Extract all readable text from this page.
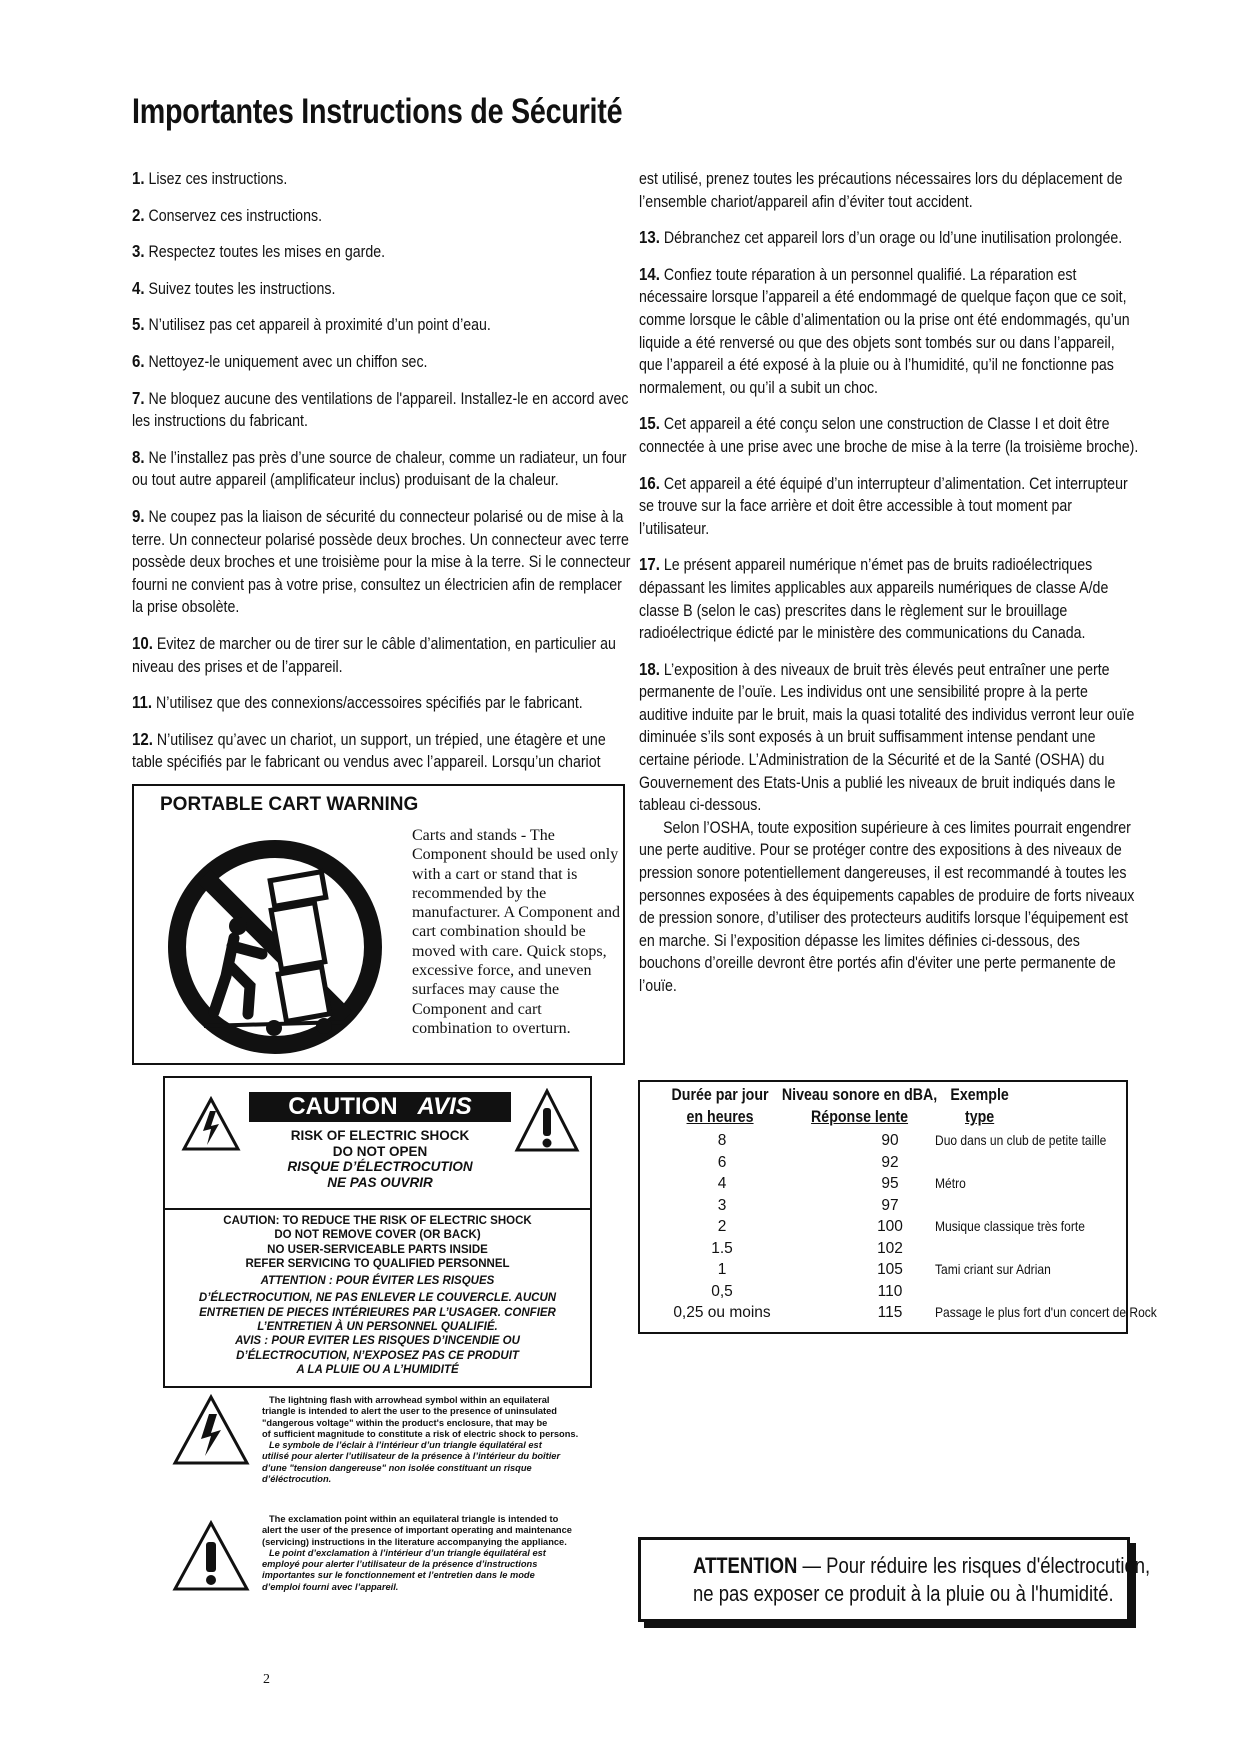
Importantes Instructions de Sécurité

1. Lisez ces instructions.

2. Conservez ces instructions.

3. Respectez toutes les mises en garde.

4. Suivez toutes les instructions.

5. N’utilisez pas cet appareil à proximité d’un point d’eau.

6. Nettoyez-le uniquement avec un chiffon sec.

7. Ne bloquez aucune des ventilations de l'appareil. Installez-le en accord avec les instructions du fabricant.

8. Ne l’installez pas près d’une source de chaleur, comme un radiateur, un four ou tout autre appareil (amplificateur inclus) produisant de la chaleur.

9. Ne coupez pas la liaison de sécurité du connecteur polarisé ou de mise à la terre. Un connecteur polarisé possède deux broches. Un connecteur avec terre possède deux broches et une troisième pour la mise à la terre. Si le connecteur fourni ne convient pas à votre prise, consultez un électricien afin de remplacer la prise obsolète.

10. Evitez de marcher ou de tirer sur le câble d’alimentation, en particulier au niveau des prises et de l’appareil.

11. N’utilisez que des connexions/accessoires spécifiés par le fabricant.

12. N’utilisez qu’avec un chariot, un support, un trépied, une étagère et une table spécifiés par le fabricant ou vendus avec l’appareil. Lorsqu’un chariot

est utilisé, prenez toutes les précautions nécessaires lors du déplacement de l’ensemble chariot/appareil afin d’éviter tout accident.

13. Débranchez cet appareil lors d’un orage ou ld’une inutilisation prolongée.

14. Confiez toute réparation à un personnel qualifié. La réparation est nécessaire lorsque l’appareil a été endommagé de quelque façon que ce soit, comme lorsque le câble d’alimentation ou la prise ont été endommagés, qu’un liquide a été renversé ou que des objets sont tombés sur ou dans l’appareil, que l’appareil a été exposé à la pluie ou à l’humidité, qu’il ne fonctionne pas normalement, ou qu’il a subit un choc.

15. Cet appareil a été conçu selon une construction de Classe I et doit être connectée à une prise avec une broche de mise à la terre (la troisième broche).

16. Cet appareil a été équipé d’un interrupteur d’alimentation. Cet interrupteur se trouve sur la face arrière et doit être accessible à tout moment par l’utilisateur.

17. Le présent appareil numérique n’émet pas de bruits radioélectriques dépassant les limites applicables aux appareils numériques de classe A/de classe B (selon le cas) prescrites dans le règlement sur le brouillage radioélectrique édicté par le ministère des communications du Canada.

18. L’exposition à des niveaux de bruit très élevés peut entraîner une perte permanente de l’ouïe. Les individus ont une sensibilité propre à la perte auditive induite par le bruit, mais la quasi totalité des individus verront leur ouïe diminuée s’ils sont exposés à un bruit suffisamment intense pendant une certaine période. L’Administration de la Sécurité et de la Santé (OSHA) du Gouvernement des Etats-Unis a publié les niveaux de bruit indiqués dans le tableau ci-dessous.

Selon l’OSHA, toute exposition supérieure à ces limites pourrait engendrer une perte auditive. Pour se protéger contre des expositions à des niveaux de pression sonore potentiellement dangereuses, il est recommandé à toutes les personnes exposées à des équipements capables de produire de forts niveaux de pression sonore, d’utiliser des protecteurs auditifs lorsque l’équipement est en marche. Si l’exposition dépasse les limites définies ci-dessous, des bouchons d’oreille devront être portés afin d'éviter une perte permanente de l’ouïe.

PORTABLE CART WARNING
Carts and stands - The Component should be used only with a cart or stand that is recommended by the manufacturer. A Component and cart combination should be moved with care. Quick stops, excessive force, and uneven surfaces may cause the Component and cart combination to overturn.
CAUTION AVIS
RISK OF ELECTRIC SHOCK
DO NOT OPEN
RISQUE D’ÉLECTROCUTION
NE PAS OUVRIR
CAUTION: TO REDUCE THE RISK OF ELECTRIC SHOCK
DO NOT REMOVE COVER (OR BACK)
NO USER-SERVICEABLE PARTS INSIDE
REFER SERVICING TO QUALIFIED PERSONNEL
ATTENTION : POUR ÉVITER LES RISQUES
D’ÉLECTROCUTION, NE PAS ENLEVER LE COUVERCLE. AUCUN
ENTRETIEN DE PIECES INTÉRIEURES PAR L’USAGER. CONFIER
L’ENTRETIEN À UN PERSONNEL QUALIFIÉ.
AVIS : POUR EVITER LES RISQUES D’INCENDIE OU
D’ÉLECTROCUTION, N’EXPOSEZ PAS CE PRODUIT
A LA PLUIE OU A L’HUMIDITÉ
The lightning flash with arrowhead symbol within an equilateral
triangle is intended to alert the user to the presence of uninsulated
"dangerous voltage" within the product's enclosure, that may be
of sufficient magnitude to constitute a risk of electric shock to persons.
Le symbole de l’éclair à l’intérieur d’un triangle équilatéral est
utilisé pour alerter l’utilisateur de la présence à l’intérieur du boîtier
d’une "tension dangereuse" non isolée constituant un risque
d’éléctrocution.
The exclamation point within an equilateral triangle is intended to
alert the user of the presence of important operating and maintenance
(servicing) instructions in the literature accompanying the appliance.
Le point d’exclamation à l’intérieur d’un triangle équilatéral est
employé pour alerter l’utilisateur de la présence d’instructions
importantes sur le fonctionnement et l’entretien dans le mode
d’emploi fourni avec l’appareil.
Durée par jour
en heures
Niveau sonore en dBA,
Réponse lente
Exemple
type
8	90	Duo dans un club de petite taille
6	92
4	95	Métro
3	97
2	100	Musique classique très forte
1.5	102
1	105	Tami criant sur Adrian
0,5	110
0,25 ou moins	115	Passage le plus fort d'un concert de Rock
ATTENTION — Pour réduire les risques d'électrocution,
ne pas exposer ce produit à la pluie ou à l'humidité.
2
